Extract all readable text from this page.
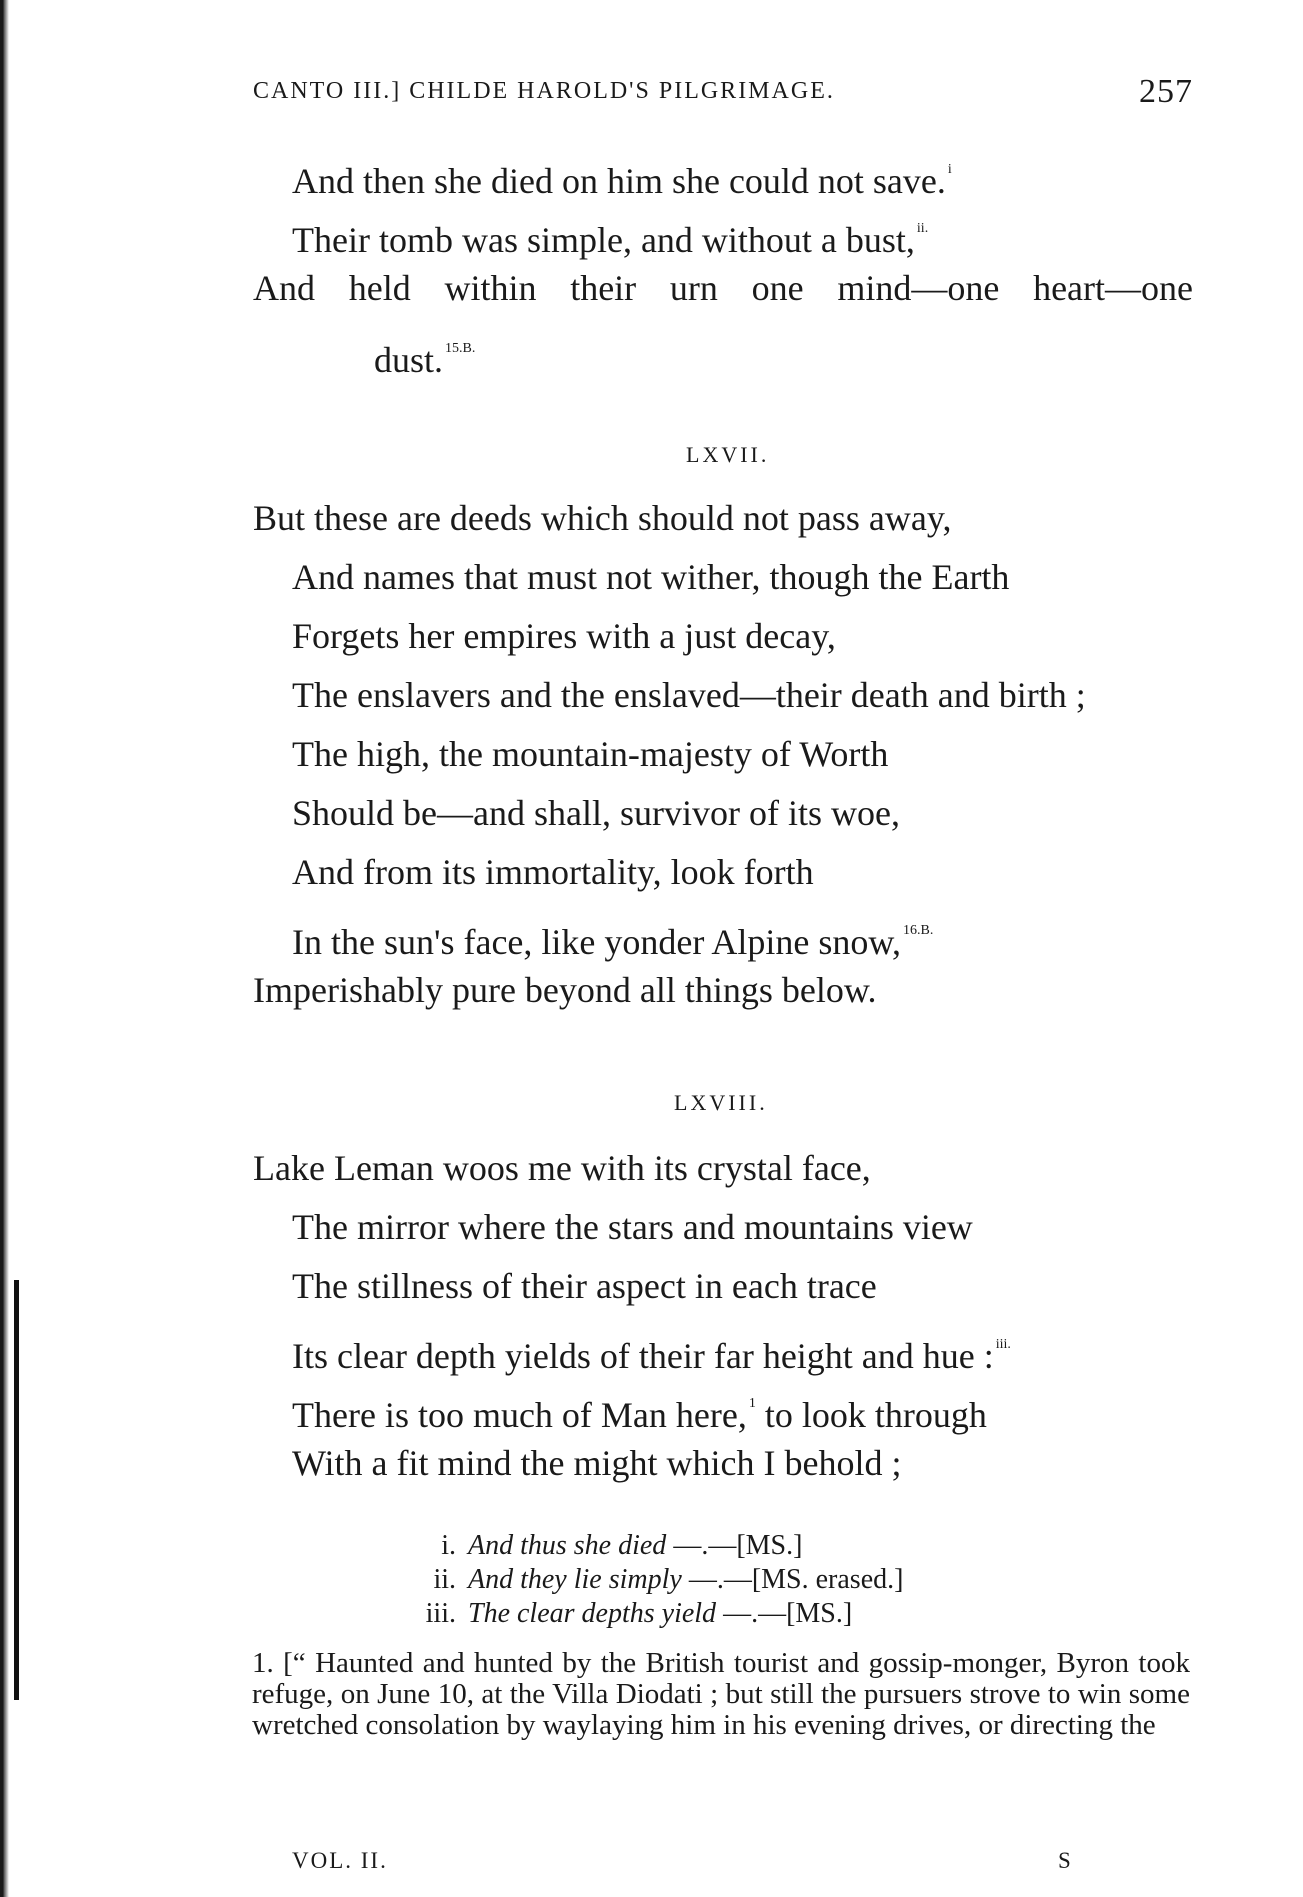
CANTO III.] CHILDE HAROLD'S PILGRIMAGE.	257
And then she died on him she could not save. $^i$
Their tomb was simple, and without a bust, $^{ii.}$
And held within their urn one mind—one heart—one
dust. $^{15.B.}$
LXVII.
But these are deeds which should not pass away,
And names that must not wither, though the Earth
Forgets her empires with a just decay,
The enslavers and the enslaved—their death and birth ;
The high, the mountain-majesty of Worth
Should be—and shall, survivor of its woe,
And from its immortality, look forth
In the sun's face, like yonder Alpine snow, $^{16.B.}$
Imperishably pure beyond all things below.
LXVIII.
Lake Leman woos me with its crystal face,
The mirror where the stars and mountains view
The stillness of their aspect in each trace
Its clear depth yields of their far height and hue : $^{iii.}$
There is too much of Man here, $^1$ to look through
With a fit mind the might which I behold ;
i. And thus she died —.—[MS.]
ii. And they lie simply —.—[MS. erased.]
iii. The clear depths yield —.—[MS.]
1. [“ Haunted and hunted by the British tourist and gossip-monger, Byron took refuge, on June 10, at the Villa Diodati ; but still the pursuers strove to win some wretched consolation by waylaying him in his evening drives, or directing the
VOL. II.	S
